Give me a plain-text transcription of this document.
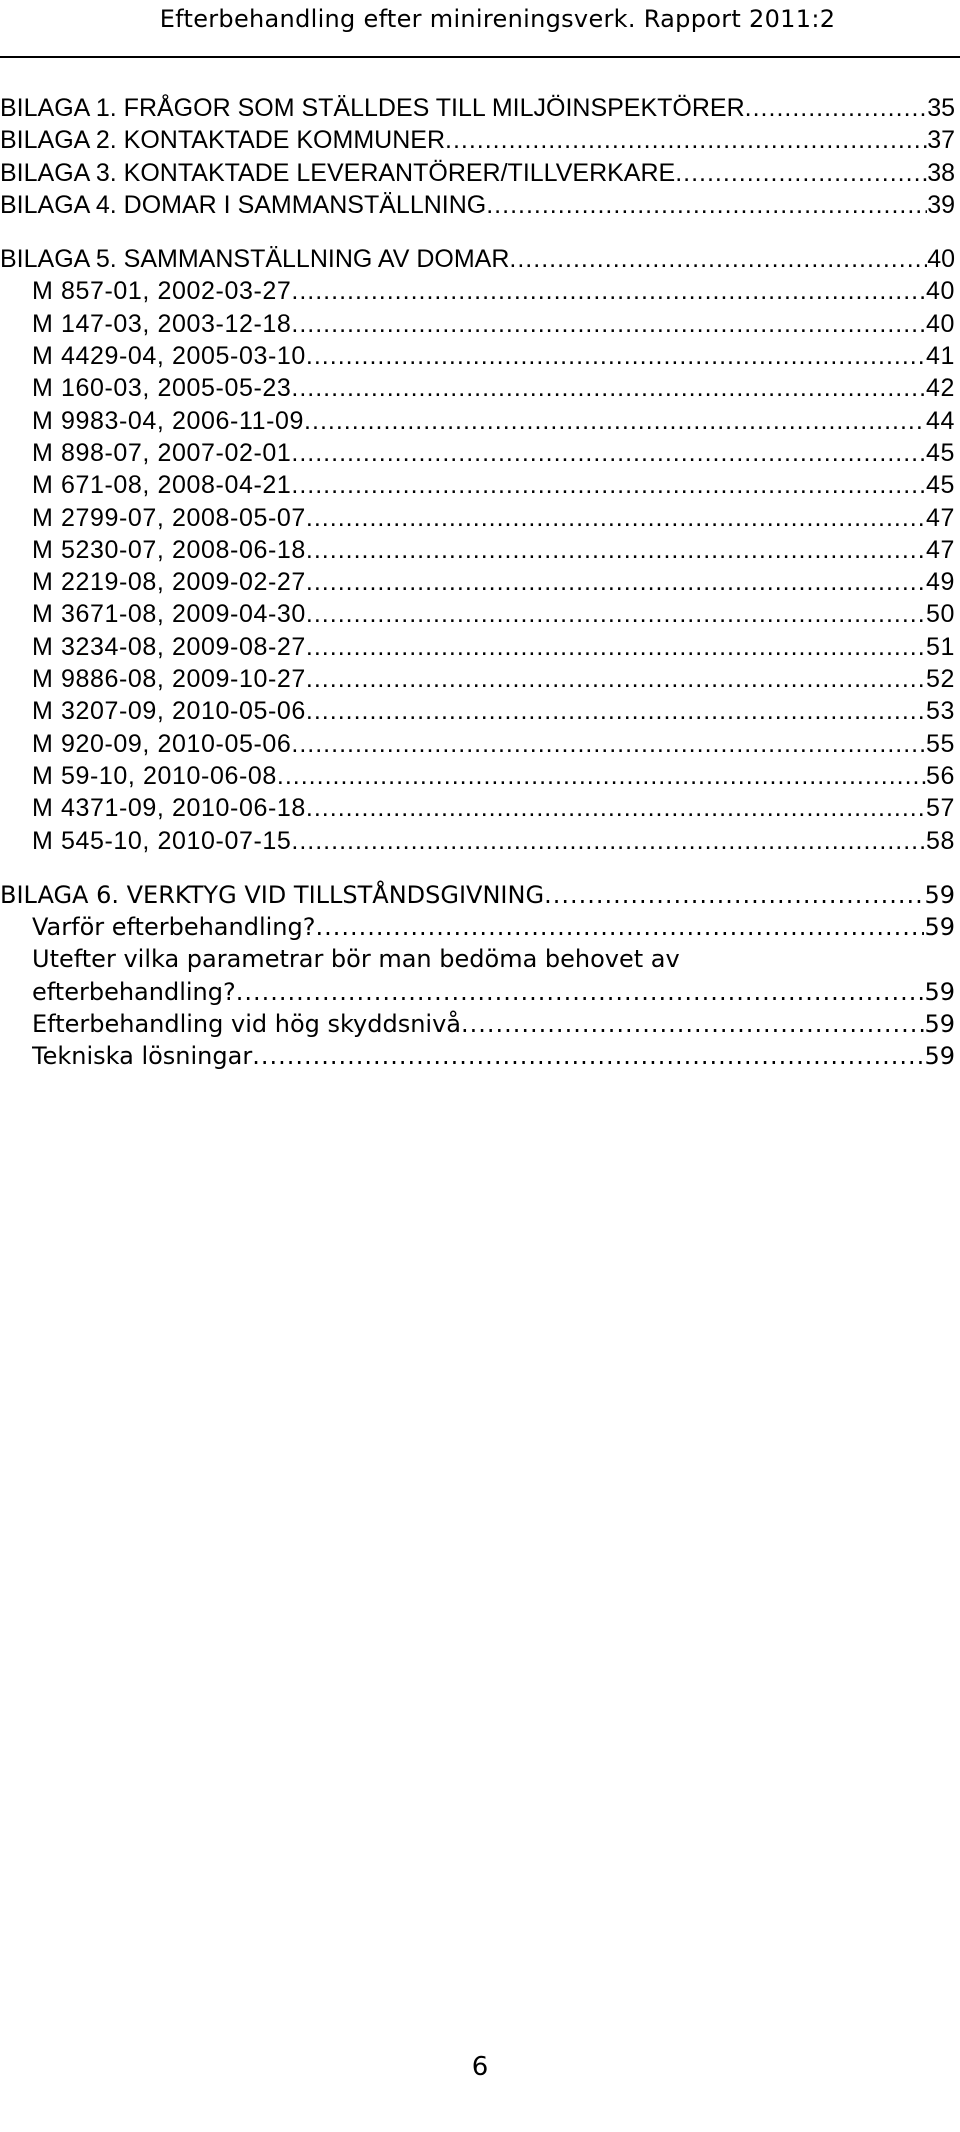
Efterbehandling efter minireningsverk. Rapport 2011:2
BILAGA 1. FRÅGOR SOM STÄLLDES TILL MILJÖINSPEKTÖRER .....	35
BILAGA 2. KONTAKTADE KOMMUNER .....	37
BILAGA 3. KONTAKTADE LEVERANTÖRER/TILLVERKARE .....	38
BILAGA 4. DOMAR I SAMMANSTÄLLNING .....	39
BILAGA 5. SAMMANSTÄLLNING AV DOMAR .....	40
M 857-01, 2002-03-27 .....	40
M 147-03, 2003-12-18 .....	40
M 4429-04, 2005-03-10 .....	41
M 160-03, 2005-05-23 .....	42
M 9983-04, 2006-11-09 .....	44
M 898-07, 2007-02-01 .....	45
M 671-08, 2008-04-21 .....	45
M 2799-07, 2008-05-07 .....	47
M 5230-07, 2008-06-18 .....	47
M 2219-08, 2009-02-27 .....	49
M 3671-08, 2009-04-30 .....	50
M 3234-08, 2009-08-27 .....	51
M 9886-08, 2009-10-27 .....	52
M 3207-09, 2010-05-06 .....	53
M 920-09, 2010-05-06 .....	55
M 59-10, 2010-06-08 .....	56
M 4371-09, 2010-06-18 .....	57
M 545-10, 2010-07-15 .....	58
BILAGA 6. VERKTYG VID TILLSTÅNDSGIVNING .....	59
Varför efterbehandling? .....	59
Utefter vilka parametrar bör man bedöma behovet av
efterbehandling? .....	59
Efterbehandling vid hög skyddsnivå .....	59
Tekniska lösningar .....	59
6
